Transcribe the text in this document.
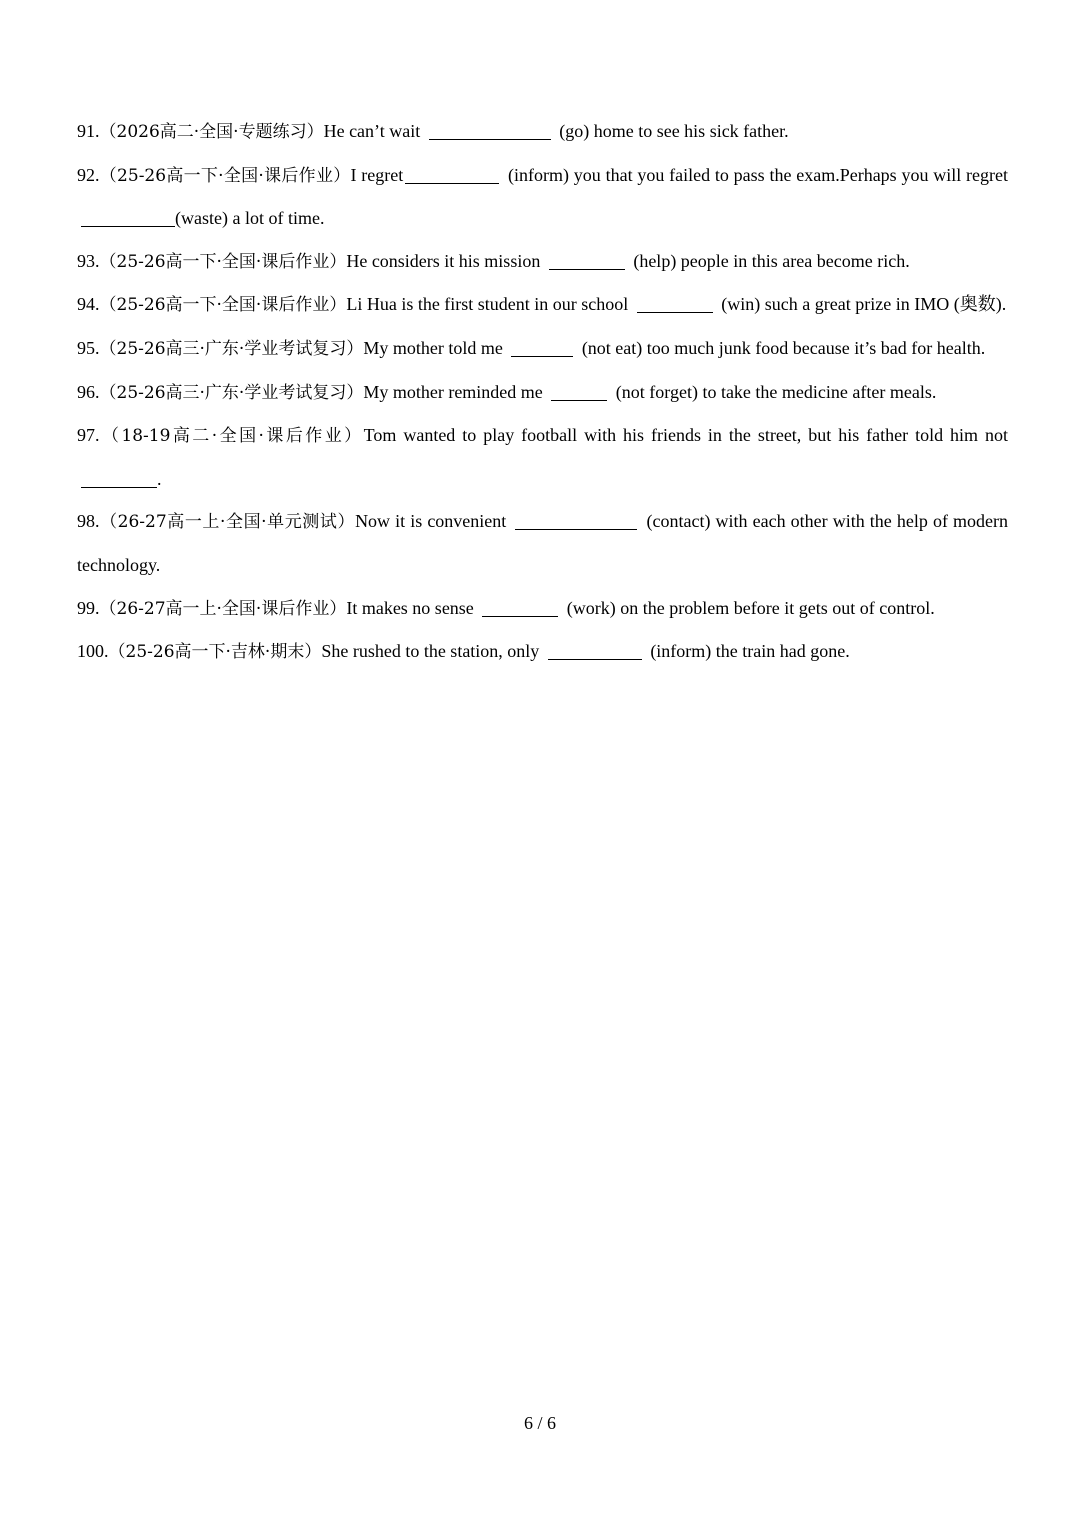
91.（2026高二·全国·专题练习）He can’t wait	(go) home to see his sick father.

92.（25-26高一下·全国·课后作业）I regret	(inform) you that you failed to pass the exam.Perhaps you will regret (waste) a lot of time.

93.（25-26高一下·全国·课后作业）He considers it his mission	(help) people in this area become rich.

94.（25-26高一下·全国·课后作业）Li Hua is the first student in our school	(win) such a great prize in IMO (奥数).

95.（25-26高三·广东·学业考试复习）My mother told me	(not eat) too much junk food because it’s bad for health.

96.（25-26高三·广东·学业考试复习）My mother reminded me	(not forget) to take the medicine after meals.

97.（18-19高二·全国·课后作业）Tom wanted to play football with his friends in the street, but his father told him not .

98.（26-27高一上·全国·单元测试）Now it is convenient	(contact) with each other with the help of modern technology.

99.（26-27高一上·全国·课后作业）It makes no sense	(work) on the problem before it gets out of control.

100.（25-26高一下·吉林·期末）She rushed to the station, only	(inform) the train had gone.

6 / 6
